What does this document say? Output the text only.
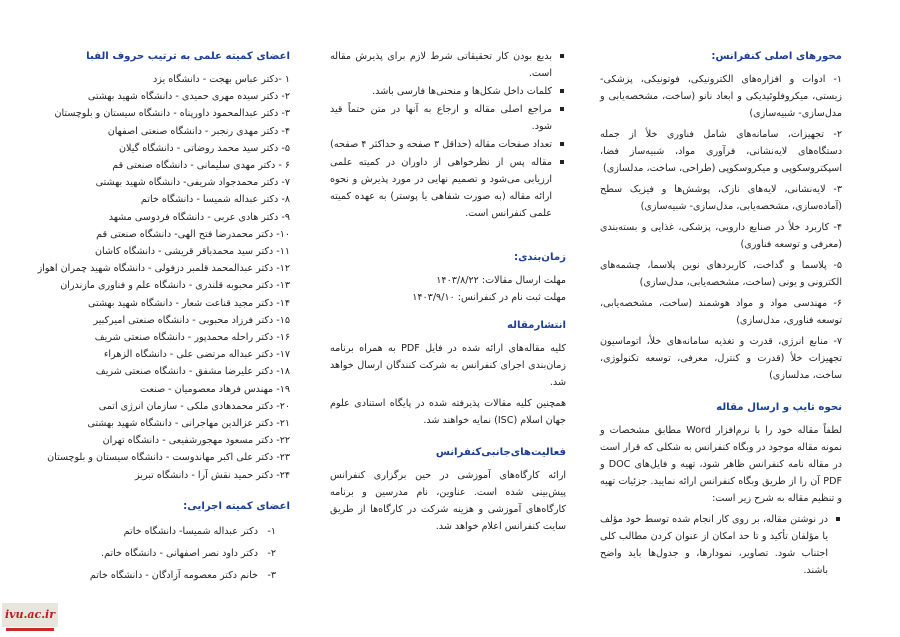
محورهای اصلی کنفرانس:
۱- ادوات و افزاره‌های الکترونیکی، فوتونیکی، پزشکی- زیستی، میکروفلوئیدیکی و ابعاد نانو (ساخت، مشخصه‌یابی و مدل‌سازی- شبیه‌سازی)
۲- تجهیزات، سامانه‌های شامل فناوری خلأ از جمله دستگاه‌های لایه‌نشانی، فرآوری مواد، شبیه‌ساز فضا، اسپکتروسکوپی و میکروسکوپی (طراحی، ساخت، مدلسازی)
۳- لایه‌نشانی، لایه‌های نازک، پوشش‌ها و فیزیک سطح (آماده‌سازی، مشخصه‌یابی، مدل‌سازی- شبیه‌سازی)
۴- کاربرد خلأ در صنایع دارویی، پزشکی، غذایی و بسته‌بندی (معرفی و توسعه فناوری)
۵- پلاسما و گداخت، کاربردهای نوین پلاسما، چشمه‌های الکترونی و یونی (ساخت، مشخصه‌یابی، مدل‌سازی)
۶- مهندسی مواد و مواد هوشمند (ساخت، مشخصه‌یابی، توسعه فناوری، مدل‌سازی)
۷- منابع انرژی، قدرت و تغذیه سامانه‌های خلأ، اتوماسیون تجهیزات خلأ (قدرت و کنترل، معرفی، توسعه تکنولوژی، ساخت، مدلسازی)
نحوه تایپ و ارسال مقاله
لطفاً مقاله خود را با نرم‌افزار Word مطابق مشخصات و نمونه مقاله موجود در وبگاه کنفرانس به شکلی که قرار است در مقاله نامه کنفرانس ظاهر شود، تهیه و فایل‌های DOC و PDF آن را از طریق وبگاه کنفرانس ارائه نمایید. جزئیات تهیه و تنظیم مقاله به شرح زیر است:
در نوشتن مقاله، بر روی کار انجام شده توسط خود مؤلف یا مؤلفان تأکید و تا حد امکان از عنوان کردن مطالب کلی اجتناب شود. تصاویر، نمودارها، و جدول‌ها باید واضح باشند.
بدیع بودن کار تحقیقاتی شرط لازم برای پذیرش مقاله است.
کلمات داخل شکل‌ها و منحنی‌ها فارسی باشد.
مراجع اصلی مقاله و ارجاع به آنها در متن حتماً قید شود.
تعداد صفحات مقاله (حداقل ۳ صفحه و حداکثر ۴ صفحه)
مقاله پس از نظرخواهی از داوران در کمیته علمی ارزیابی می‌شود و تصمیم نهایی در مورد پذیرش و نحوه ارائه مقاله (به صورت شفاهی یا پوستر) به عهده کمیته علمی کنفرانس است.
زمان‌بندی:
مهلت ارسال مقالات: ۱۴۰۳/۸/۲۲
مهلت ثبت نام در کنفرانس: ۱۴۰۳/۹/۱۰
انتشارمقاله
کلیه مقاله‌های ارائه شده در فایل PDF به همراه برنامه زمان‌بندی اجرای کنفرانس به شرکت کنندگان ارسال خواهد شد.
همچنین کلیه مقالات پذیرفته شده در پایگاه استنادی علوم جهان اسلام (ISC) نمایه خواهند شد.
فعالیت‌های‌جانبی‌کنفرانس
ارائه کارگاه‌های آموزشی در حین برگزاری کنفرانس پیش‌بینی شده است. عناوین، نام مدرسین و برنامه کارگاه‌های آموزشی و هزینه شرکت در کارگاه‌ها از طریق سایت کنفرانس اعلام خواهد شد.
اعضای کمیته علمی به ترتیب حروف الفبا
۱ -دکتر عباس بهجت - دانشگاه یزد
۲- دکتر سیده مهری حمیدی - دانشگاه شهید بهشتی
۳- دکتر عبدالمحمود داورپناه - دانشگاه سیستان و بلوچستان
۴- دکتر مهدی رنجبر - دانشگاه صنعتی اصفهان
۵- دکتر سید محمد روضاتی - دانشگاه گیلان
۶ - دکتر مهدی سلیمانی - دانشگاه صنعتی قم
۷- دکتر محمدجواد شریفی- دانشگاه شهید بهشتی
۸- دکتر عبداله شمیسا - دانشگاه خاتم
۹- دکتر هادی عربی - دانشگاه فردوسی مشهد
۱۰- دکتر محمدرضا فتح الهی- دانشگاه صنعتی قم
۱۱- دکتر سید محمدباقر قریشی - دانشگاه کاشان
۱۲- دکتر عبدالمحمد قلمبر دزفولی - دانشگاه شهید چمران اهواز
۱۳- دکتر محبوبه قلندری - دانشگاه علم و فناوری مازندران
۱۴- دکتر مجید قناعت شعار - دانشگاه شهید بهشتی
۱۵- دکتر فرزاد محبوبی - دانشگاه صنعتی امیرکبیر
۱۶- دکتر راحله محمدپور - دانشگاه صنعتی شریف
۱۷- دکتر عبداله مرتضی علی - دانشگاه الزهراء
۱۸- دکتر علیرضا مشفق - دانشگاه صنعتی شریف
۱۹- مهندس فرهاد معصومیان - صنعت
۲۰- دکتر محمدهادی ملکی - سازمان انرژی اتمی
۲۱- دکتر عزالدین مهاجرانی - دانشگاه شهید بهشتی
۲۲- دکتر مسعود مهجورشفیعی - دانشگاه تهران
۲۳- دکتر علی اکبر مهاندوست - دانشگاه سیستان و بلوچستان
۲۴- دکتر حمید نقش آرا - دانشگاه تبریز
اعضای کمیته اجرایی:
۱-دکتر عبداله شمیسا- دانشگاه خاتم
۲-دکتر داود نصر اصفهانی - دانشگاه خاتم.
۳-خانم دکتر معصومه آزادگان - دانشگاه خاتم
ivu.ac.ir
